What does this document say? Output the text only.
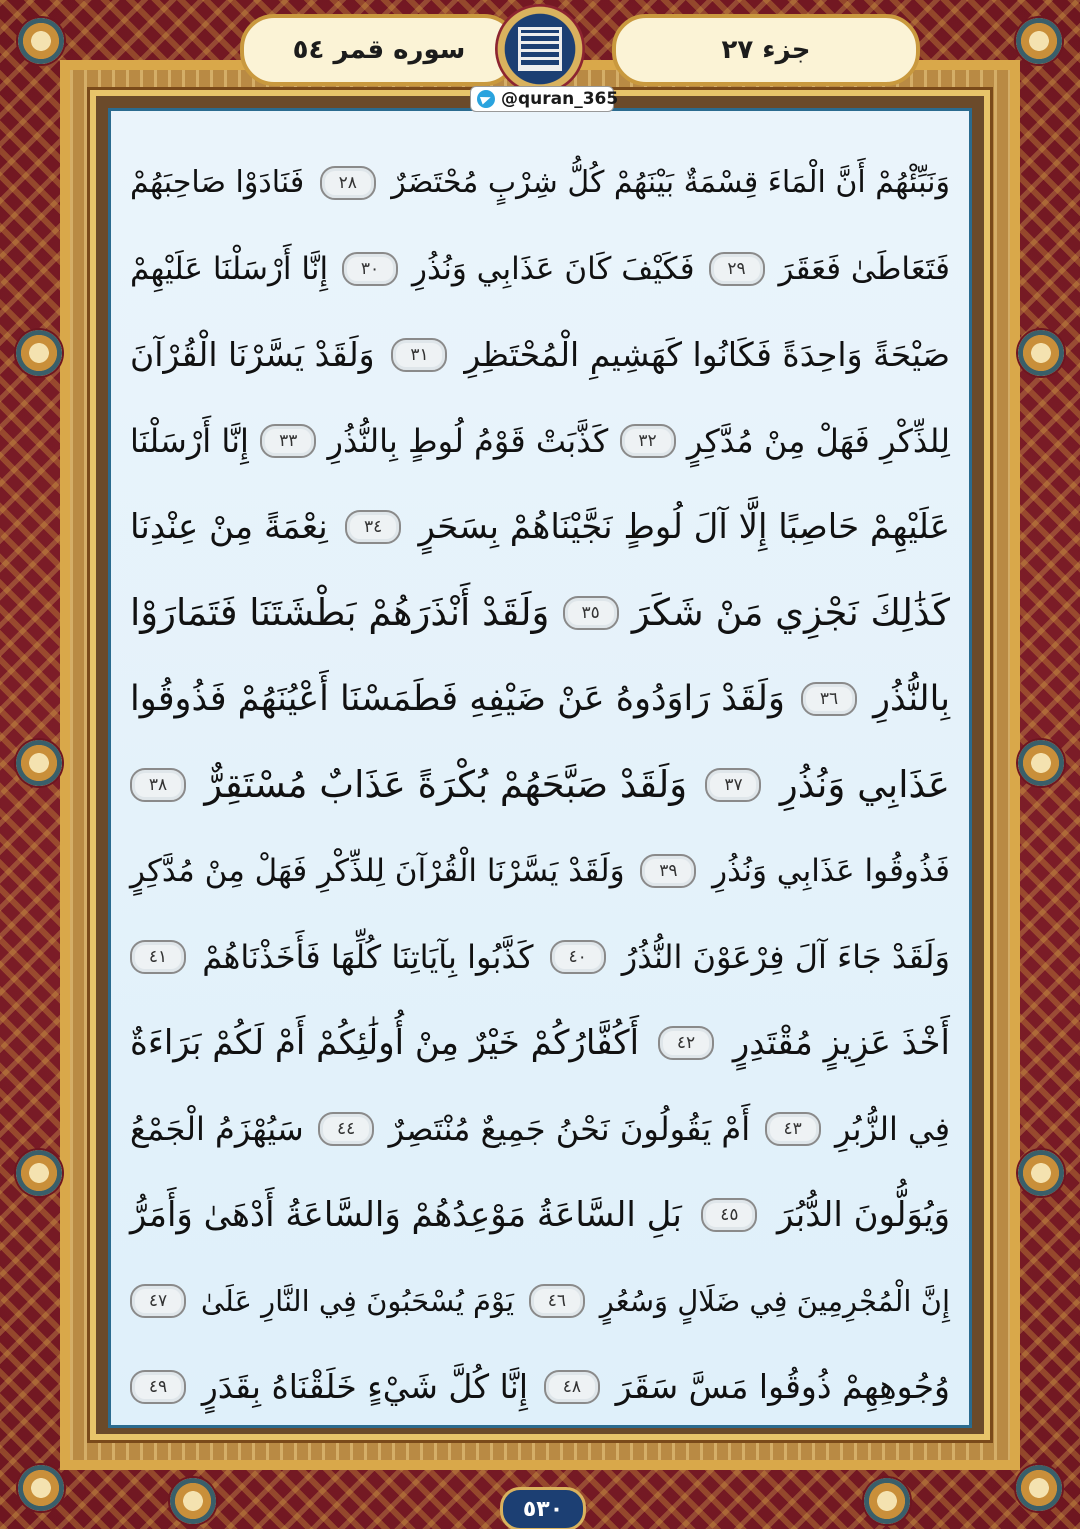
جزء ۲۷
سوره قمر ٥٤
@quran_365
وَنَبِّئْهُمْ أَنَّ الْمَاءَ قِسْمَةٌ بَيْنَهُمْ كُلُّ شِرْبٍ مُحْتَضَرٌ
٢٨
فَنَادَوْا صَاحِبَهُمْ
فَتَعَاطَىٰ فَعَقَرَ
٢٩
فَكَيْفَ كَانَ عَذَابِي وَنُذُرِ
٣٠
إِنَّا أَرْسَلْنَا عَلَيْهِمْ
صَيْحَةً وَاحِدَةً فَكَانُوا كَهَشِيمِ الْمُحْتَظِرِ
٣١
وَلَقَدْ يَسَّرْنَا الْقُرْآنَ
لِلذِّكْرِ فَهَلْ مِنْ مُدَّكِرٍ
٣٢
كَذَّبَتْ قَوْمُ لُوطٍ بِالنُّذُرِ
٣٣
إِنَّا أَرْسَلْنَا
عَلَيْهِمْ حَاصِبًا إِلَّا آلَ لُوطٍ نَجَّيْنَاهُمْ بِسَحَرٍ
٣٤
نِعْمَةً مِنْ عِنْدِنَا
كَذَٰلِكَ نَجْزِي مَنْ شَكَرَ
٣٥
وَلَقَدْ أَنْذَرَهُمْ بَطْشَتَنَا فَتَمَارَوْا
بِالنُّذُرِ
٣٦
وَلَقَدْ رَاوَدُوهُ عَنْ ضَيْفِهِ فَطَمَسْنَا أَعْيُنَهُمْ فَذُوقُوا
عَذَابِي وَنُذُرِ
٣٧
وَلَقَدْ صَبَّحَهُمْ بُكْرَةً عَذَابٌ مُسْتَقِرٌّ
٣٨
فَذُوقُوا عَذَابِي وَنُذُرِ
٣٩
وَلَقَدْ يَسَّرْنَا الْقُرْآنَ لِلذِّكْرِ فَهَلْ مِنْ مُدَّكِرٍ
وَلَقَدْ جَاءَ آلَ فِرْعَوْنَ النُّذُرُ
٤٠
كَذَّبُوا بِآيَاتِنَا كُلِّهَا فَأَخَذْنَاهُمْ
٤١
أَخْذَ عَزِيزٍ مُقْتَدِرٍ
٤٢
أَكُفَّارُكُمْ خَيْرٌ مِنْ أُولَٰئِكُمْ أَمْ لَكُمْ بَرَاءَةٌ
فِي الزُّبُرِ
٤٣
أَمْ يَقُولُونَ نَحْنُ جَمِيعٌ مُنْتَصِرٌ
٤٤
سَيُهْزَمُ الْجَمْعُ
وَيُوَلُّونَ الدُّبُرَ
٤٥
بَلِ السَّاعَةُ مَوْعِدُهُمْ وَالسَّاعَةُ أَدْهَىٰ وَأَمَرُّ
إِنَّ الْمُجْرِمِينَ فِي ضَلَالٍ وَسُعُرٍ
٤٦
يَوْمَ يُسْحَبُونَ فِي النَّارِ عَلَىٰ
٤٧
وُجُوهِهِمْ ذُوقُوا مَسَّ سَقَرَ
٤٨
إِنَّا كُلَّ شَيْءٍ خَلَقْنَاهُ بِقَدَرٍ
٤٩
٥٣٠
